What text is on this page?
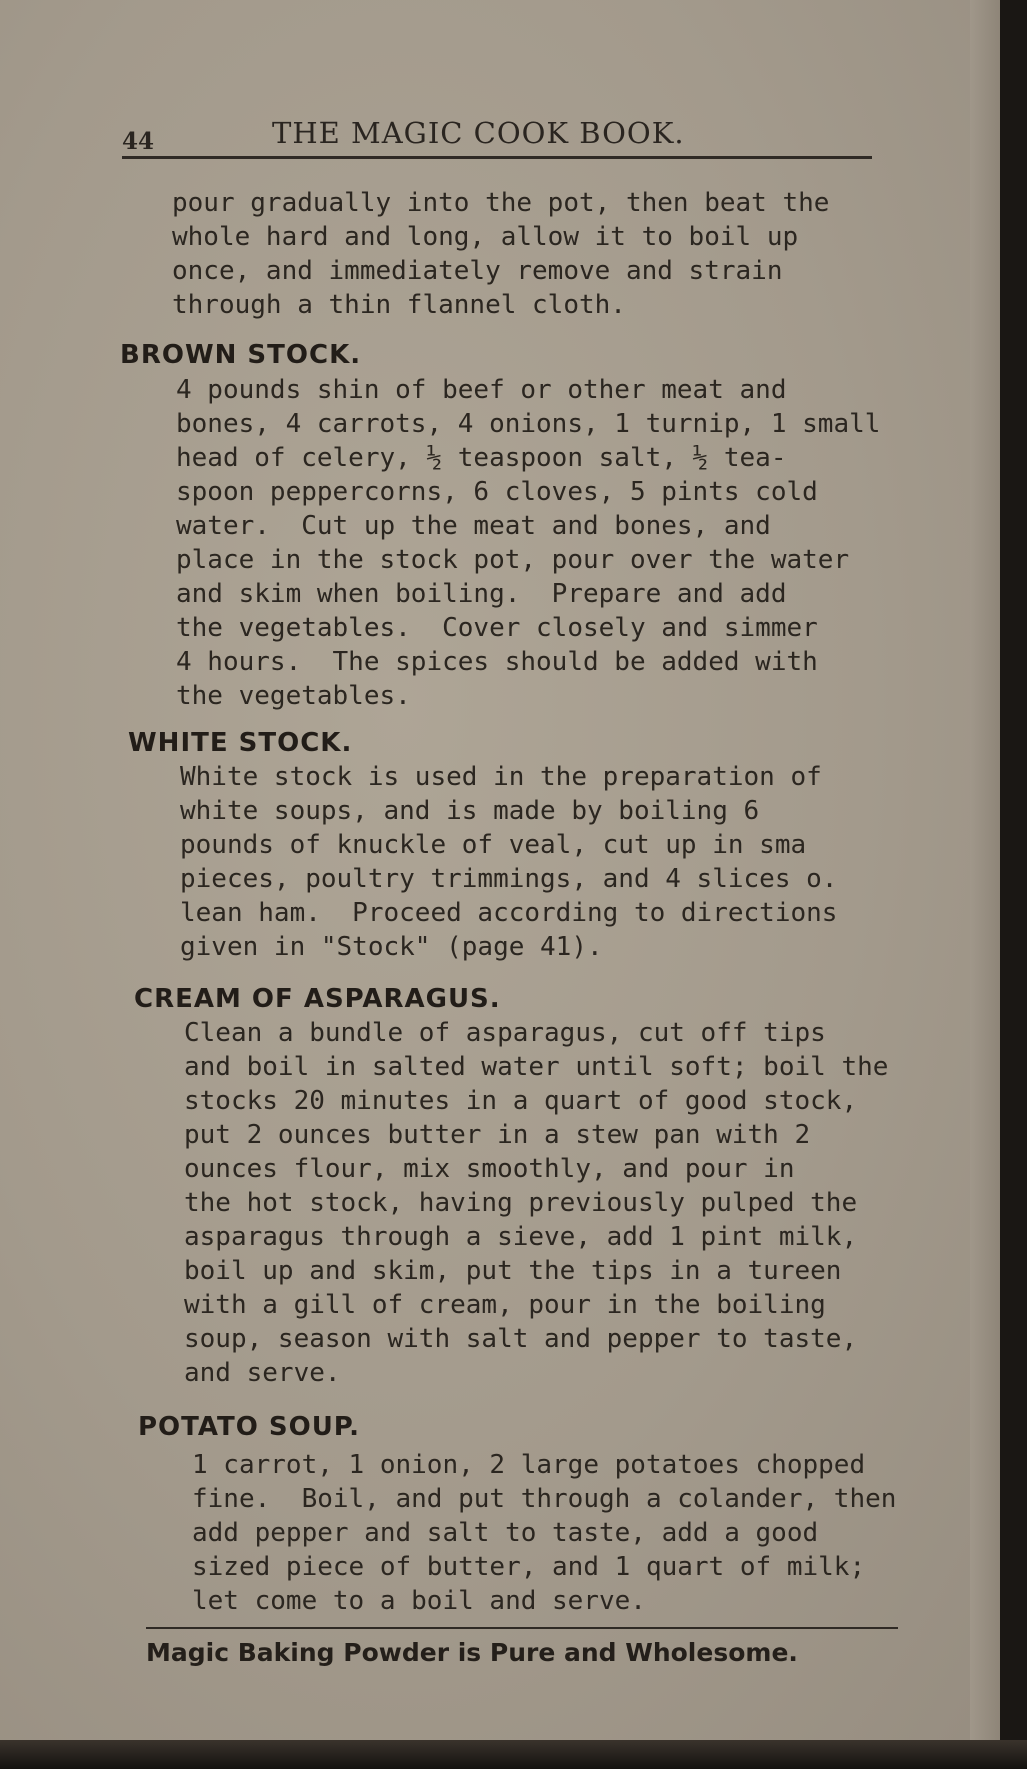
44	THE MAGIC COOK BOOK.

pour gradually into the pot, then beat the

whole hard and long, allow it to boil up

once, and immediately remove and strain

through a thin flannel cloth.

BROWN STOCK.

4 pounds shin of beef or other meat and

bones, 4 carrots, 4 onions, 1 turnip, 1 small

head of celery, ½ teaspoon salt, ½ tea-

spoon peppercorns, 6 cloves, 5 pints cold

water.  Cut up the meat and bones, and

place in the stock pot, pour over the water

and skim when boiling.  Prepare and add

the vegetables.  Cover closely and simmer

4 hours.  The spices should be added with

the vegetables.

WHITE STOCK.

White stock is used in the preparation of

white soups, and is made by boiling 6

pounds of knuckle of veal, cut up in sma

pieces, poultry trimmings, and 4 slices o.

lean ham.  Proceed according to directions

given in "Stock" (page 41).

CREAM OF ASPARAGUS.

Clean a bundle of asparagus, cut off tips

and boil in salted water until soft; boil the

stocks 20 minutes in a quart of good stock,

put 2 ounces butter in a stew pan with 2

ounces flour, mix smoothly, and pour in

the hot stock, having previously pulped the

asparagus through a sieve, add 1 pint milk,

boil up and skim, put the tips in a tureen

with a gill of cream, pour in the boiling

soup, season with salt and pepper to taste,

and serve.

POTATO SOUP.

1 carrot, 1 onion, 2 large potatoes chopped

fine.  Boil, and put through a colander, then

add pepper and salt to taste, add a good

sized piece of butter, and 1 quart of milk;

let come to a boil and serve.

Magic Baking Powder is Pure and Wholesome.
